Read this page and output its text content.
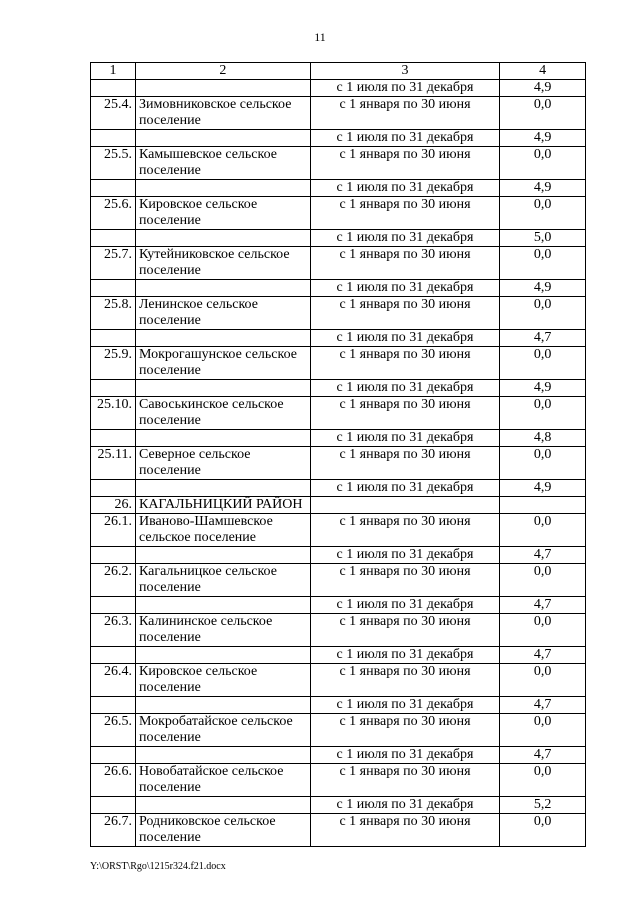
11
1	2	3	4
		с 1 июля по 31 декабря	4,9
25.4.	Зимовниковское сельское поселение	с 1 января по 30 июня	0,0
		с 1 июля по 31 декабря	4,9
25.5.	Камышевское сельское поселение	с 1 января по 30 июня	0,0
		с 1 июля по 31 декабря	4,9
25.6.	Кировское сельское поселение	с 1 января по 30 июня	0,0
		с 1 июля по 31 декабря	5,0
25.7.	Кутейниковское сельское поселение	с 1 января по 30 июня	0,0
		с 1 июля по 31 декабря	4,9
25.8.	Ленинское сельское поселение	с 1 января по 30 июня	0,0
		с 1 июля по 31 декабря	4,7
25.9.	Мокрогашунское сельское поселение	с 1 января по 30 июня	0,0
		с 1 июля по 31 декабря	4,9
25.10.	Савоськинское сельское поселение	с 1 января по 30 июня	0,0
		с 1 июля по 31 декабря	4,8
25.11.	Северное сельское поселение	с 1 января по 30 июня	0,0
		с 1 июля по 31 декабря	4,9
26.	КАГАЛЬНИЦКИЙ РАЙОН		
26.1.	Иваново-Шамшевское сельское поселение	с 1 января по 30 июня	0,0
		с 1 июля по 31 декабря	4,7
26.2.	Кагальницкое сельское поселение	с 1 января по 30 июня	0,0
		с 1 июля по 31 декабря	4,7
26.3.	Калининское сельское поселение	с 1 января по 30 июня	0,0
		с 1 июля по 31 декабря	4,7
26.4.	Кировское сельское поселение	с 1 января по 30 июня	0,0
		с 1 июля по 31 декабря	4,7
26.5.	Мокробатайское сельское поселение	с 1 января по 30 июня	0,0
		с 1 июля по 31 декабря	4,7
26.6.	Новобатайское сельское поселение	с 1 января по 30 июня	0,0
		с 1 июля по 31 декабря	5,2
26.7.	Родниковское сельское поселение	с 1 января по 30 июня	0,0
Y:\ORST\Rgo\1215r324.f21.docx
